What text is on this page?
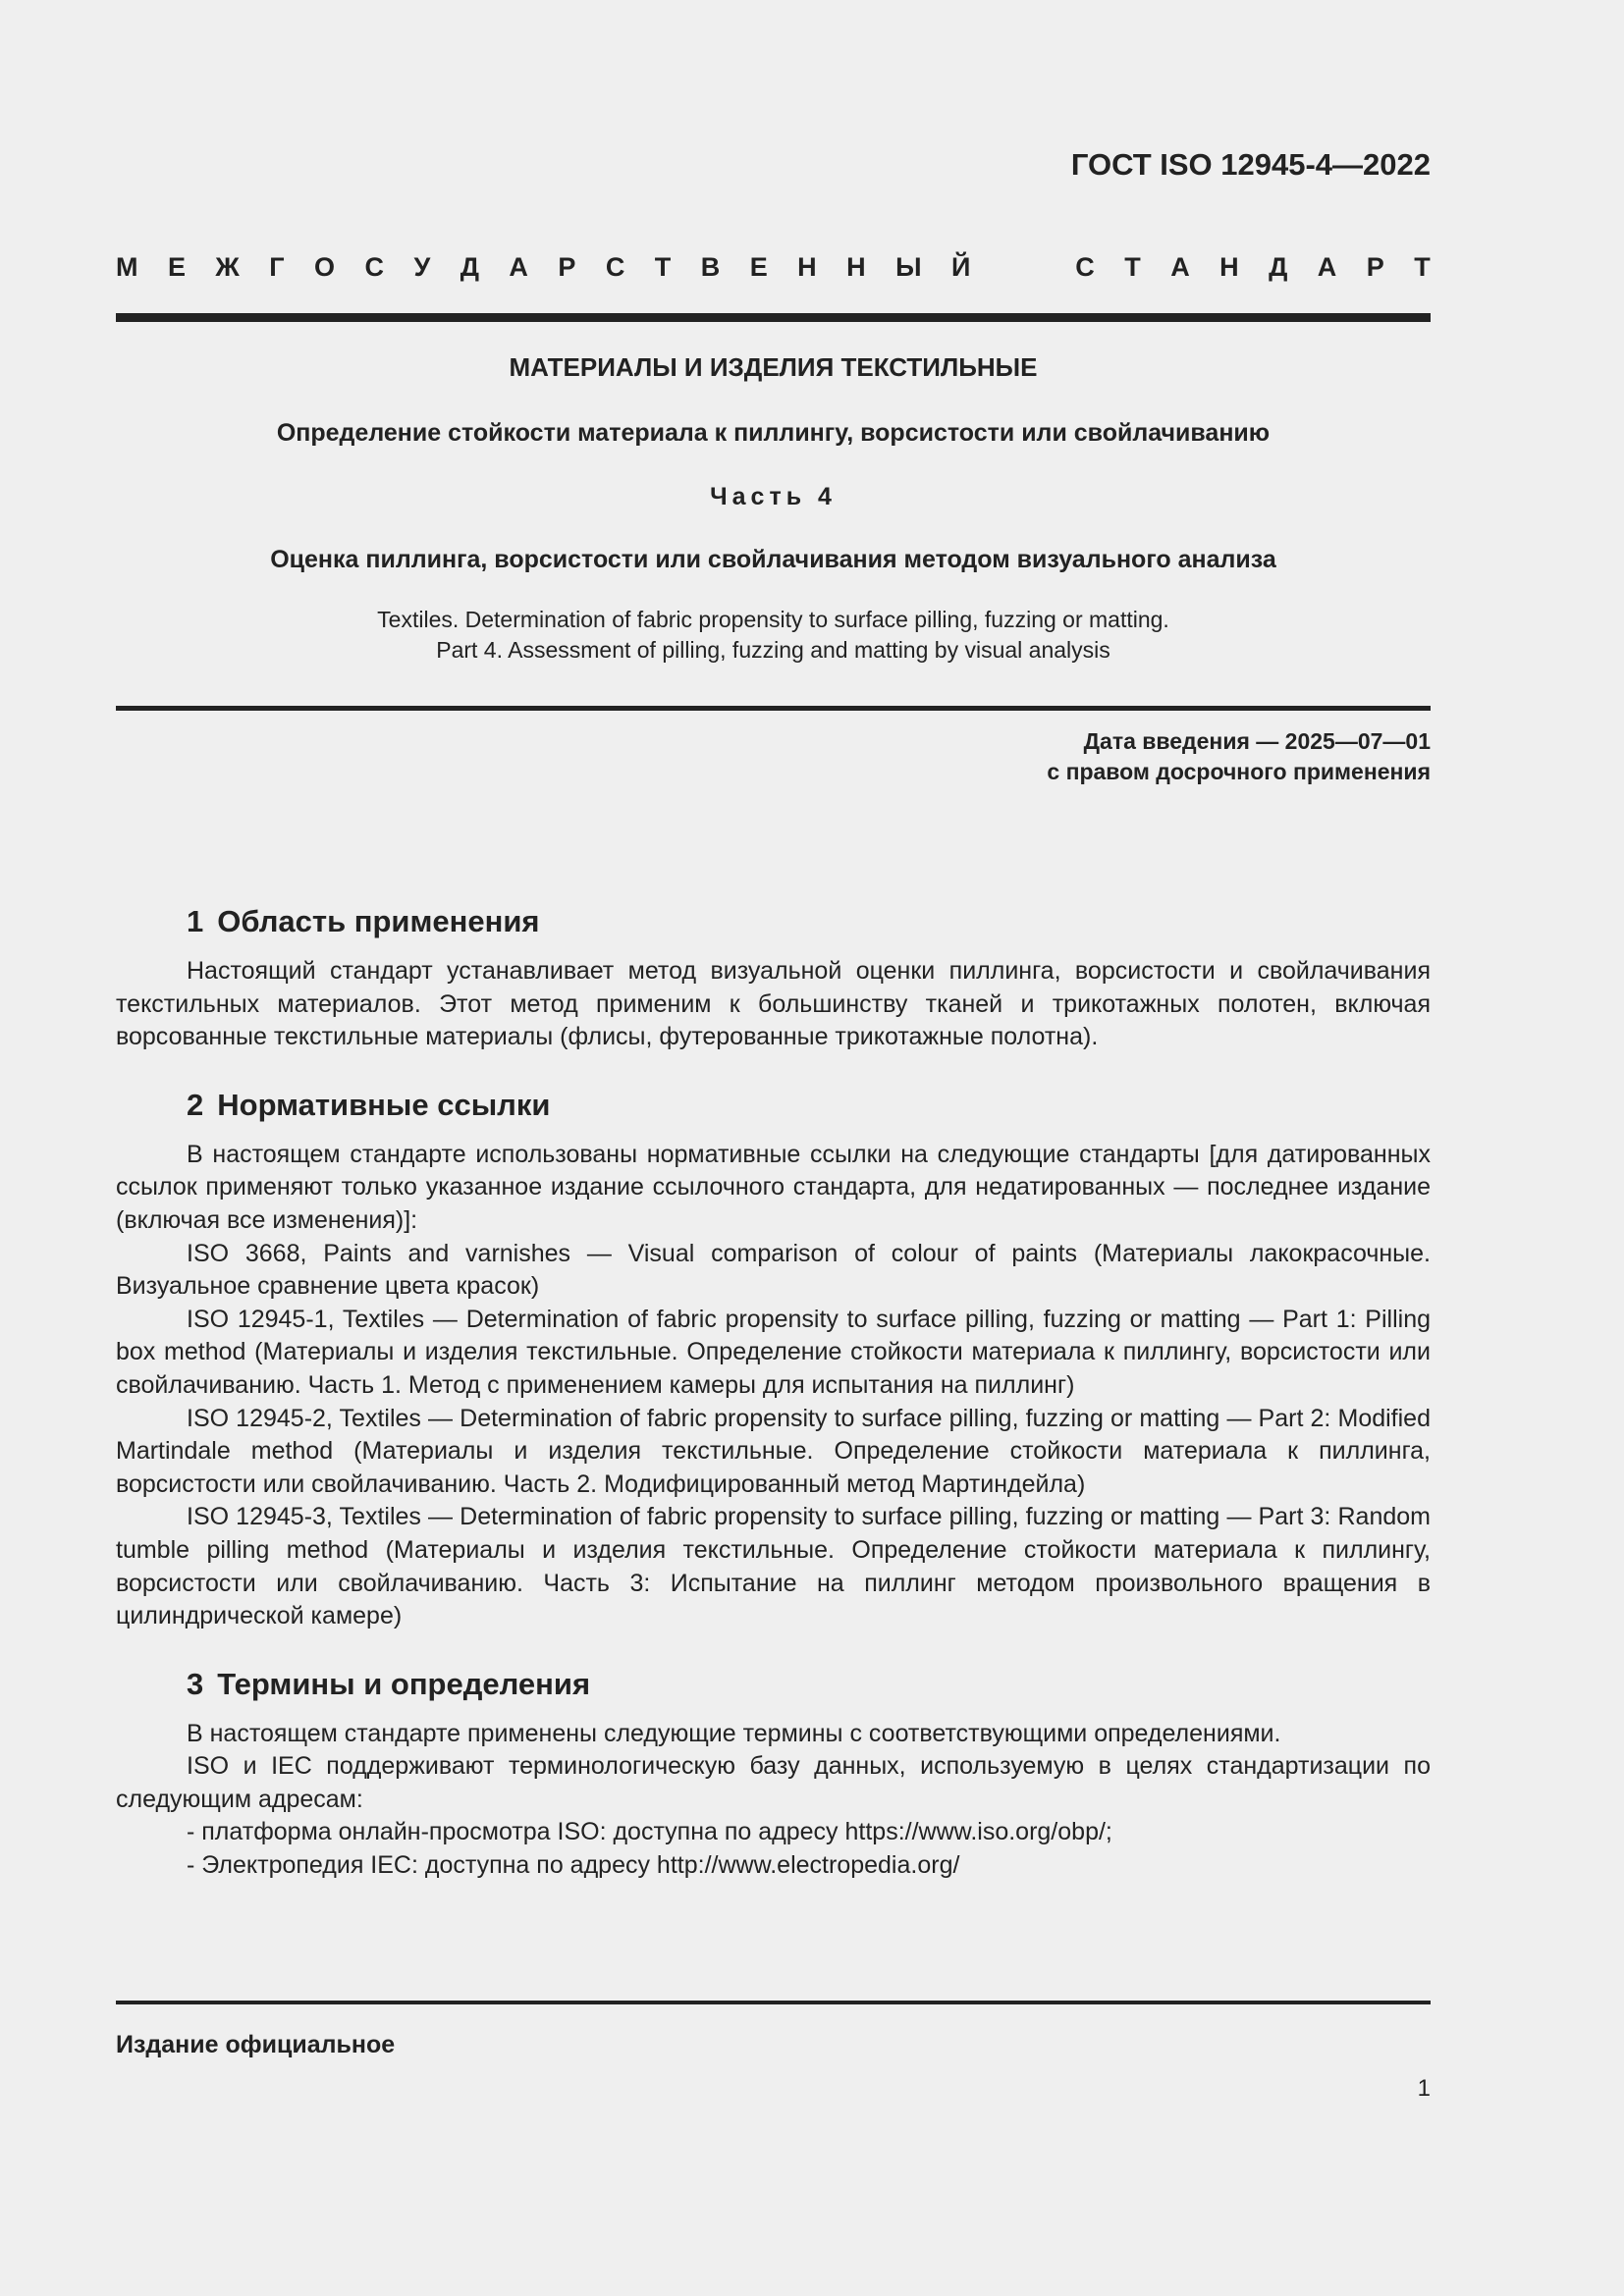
ГОСТ ISO 12945-4—2022
М Е Ж Г О С У Д А Р С Т В Е Н Н Ы Й	С Т А Н Д А Р Т
МАТЕРИАЛЫ И ИЗДЕЛИЯ ТЕКСТИЛЬНЫЕ
Определение стойкости материала к пиллингу, ворсистости или свойлачиванию
Часть 4
Оценка пиллинга, ворсистости или свойлачивания методом визуального анализа
Textiles. Determination of fabric propensity to surface pilling, fuzzing or matting.
Part 4. Assessment of pilling, fuzzing and matting by visual analysis
Дата введения — 2025—07—01
с правом досрочного применения
1 Область применения

Настоящий стандарт устанавливает метод визуальной оценки пиллинга, ворсистости и свойлачивания текстильных материалов. Этот метод применим к большинству тканей и трикотажных полотен, включая ворсованные текстильные материалы (флисы, футерованные трикотажные полотна).

2 Нормативные ссылки

В настоящем стандарте использованы нормативные ссылки на следующие стандарты [для датированных ссылок применяют только указанное издание ссылочного стандарта, для недатированных — последнее издание (включая все изменения)]:

ISO 3668, Paints and varnishes — Visual comparison of colour of paints (Материалы лакокрасочные. Визуальное сравнение цвета красок)

ISO 12945-1, Textiles — Determination of fabric propensity to surface pilling, fuzzing or matting — Part 1: Pilling box method (Материалы и изделия текстильные. Определение стойкости материала к пиллингу, ворсистости или свойлачиванию. Часть 1. Метод с применением камеры для испытания на пиллинг)

ISO 12945-2, Textiles — Determination of fabric propensity to surface pilling, fuzzing or matting — Part 2: Modified Martindale method (Материалы и изделия текстильные. Определение стойкости материала к пиллинга, ворсистости или свойлачиванию. Часть 2. Модифицированный метод Мартиндейла)

ISO 12945-3, Textiles — Determination of fabric propensity to surface pilling, fuzzing or matting — Part 3: Random tumble pilling method (Материалы и изделия текстильные. Определение стойкости материала к пиллингу, ворсистости или свойлачиванию. Часть 3: Испытание на пиллинг методом произвольного вращения в цилиндрической камере)

3 Термины и определения

В настоящем стандарте применены следующие термины с соответствующими определениями.

ISO и IEC поддерживают терминологическую базу данных, используемую в целях стандартизации по следующим адресам:

- платформа онлайн-просмотра ISO: доступна по адресу https://www.iso.org/obp/;

- Электропедия IEC: доступна по адресу http://www.electropedia.org/

Издание официальное
1
